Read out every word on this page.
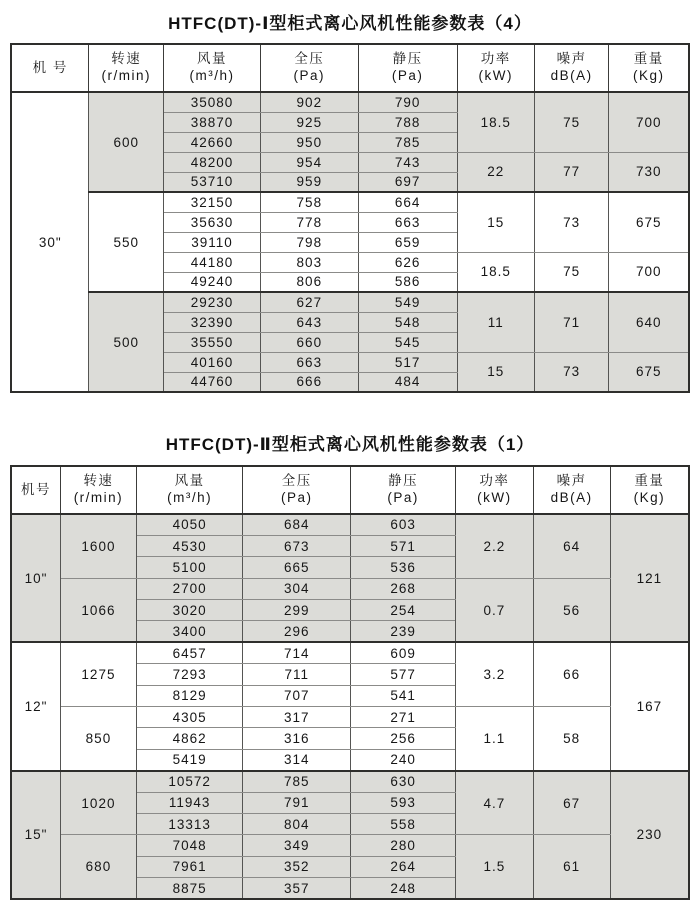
HTFC(DT)-Ⅰ型柜式离心风机性能参数表（4）
机 号

转速
(r/min)

风量
(m³/h)

全压
(Pa)

静压
(Pa)

功率
(kW)

噪声
dB(A)

重量
(Kg)

30"	600	35080	902	790	18.5	75	700
		38870	925	788			
		42660	950	785			
		48200	954	743	22	77	730
		53710	959	697			
	550	32150	758	664	15	73	675
		35630	778	663			
		39110	798	659			
		44180	803	626	18.5	75	700
		49240	806	586			
	500	29230	627	549	11	71	640
		32390	643	548			
		35550	660	545			
		40160	663	517	15	73	675
		44760	666	484			
HTFC(DT)-Ⅱ型柜式离心风机性能参数表（1）
机号

转速
(r/min)

风量
(m³/h)

全压
(Pa)

静压
(Pa)

功率
(kW)

噪声
dB(A)

重量
(Kg)

10"	1600	4050	684	603	2.2	64	121
		4530	673	571			
		5100	665	536			
	1066	2700	304	268	0.7	56	
		3020	299	254			
		3400	296	239			
12"	1275	6457	714	609	3.2	66	167
		7293	711	577			
		8129	707	541			
	850	4305	317	271	1.1	58	
		4862	316	256			
		5419	314	240			
15"	1020	10572	785	630	4.7	67	230
		11943	791	593			
		13313	804	558			
	680	7048	349	280	1.5	61	
		7961	352	264			
		8875	357	248			
